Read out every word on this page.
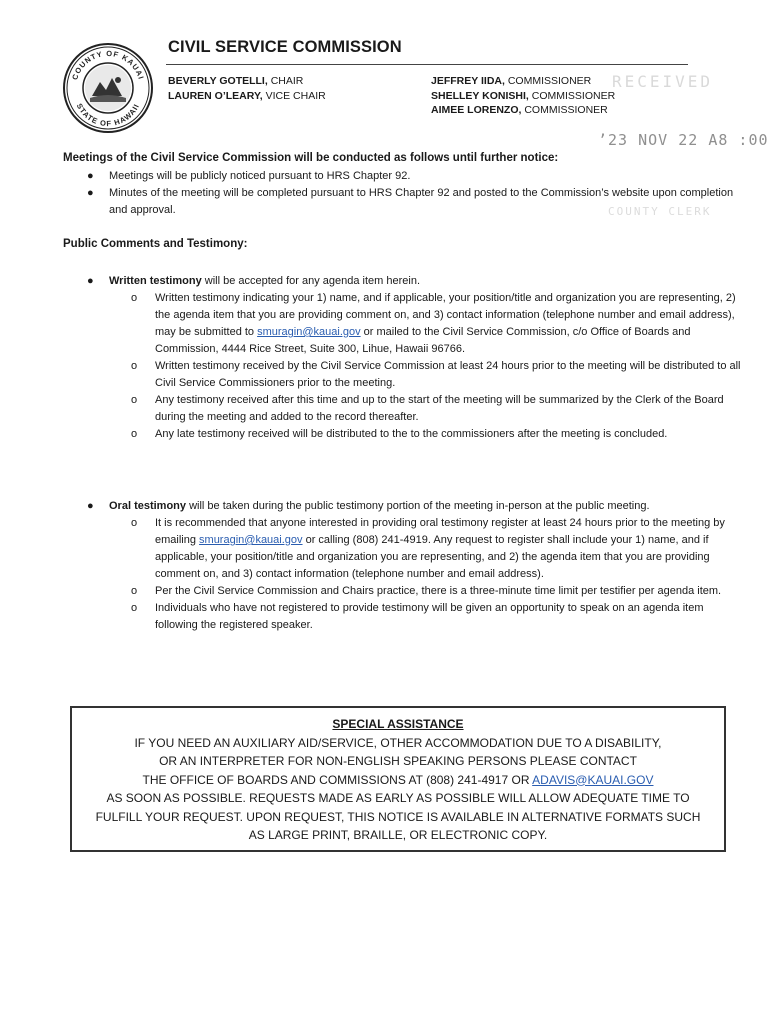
COUNTY OF KAUAI
STATE OF HAWAII
CIVIL SERVICE COMMISSION
BEVERLY GOTELLI, CHAIR
LAUREN O’LEARY, VICE CHAIR
JEFFREY IIDA, COMMISSIONER
SHELLEY KONISHI, COMMISSIONER
AIMEE LORENZO, COMMISSIONER
RECEIVED
’23 NOV 22 A8 :00
COUNTY CLERK
Meetings of the Civil Service Commission will be conducted as follows until further notice:
● Meetings will be publicly noticed pursuant to HRS Chapter 92.
● Minutes of the meeting will be completed pursuant to HRS Chapter 92 and posted to the Commission’s website upon completion and approval.
Public Comments and Testimony:
● Written testimony will be accepted for any agenda item herein.
o Written testimony indicating your 1) name, and if applicable, your position/title and organization you are representing, 2) the agenda item that you are providing comment on, and 3) contact information (telephone number and email address), may be submitted to smuragin@kauai.gov or mailed to the Civil Service Commission, c/o Office of Boards and Commission, 4444 Rice Street, Suite 300, Lihue, Hawaii 96766.
o Written testimony received by the Civil Service Commission at least 24 hours prior to the meeting will be distributed to all Civil Service Commissioners prior to the meeting.
o Any testimony received after this time and up to the start of the meeting will be summarized by the Clerk of the Board during the meeting and added to the record thereafter.
o Any late testimony received will be distributed to the to the commissioners after the meeting is concluded.
● Oral testimony will be taken during the public testimony portion of the meeting in-person at the public meeting.
o It is recommended that anyone interested in providing oral testimony register at least 24 hours prior to the meeting by emailing smuragin@kauai.gov or calling (808) 241-4919. Any request to register shall include your 1) name, and if applicable, your position/title and organization you are representing, and 2) the agenda item that you are providing comment on, and 3) contact information (telephone number and email address).
o Per the Civil Service Commission and Chairs practice, there is a three-minute time limit per testifier per agenda item.
o Individuals who have not registered to provide testimony will be given an opportunity to speak on an agenda item following the registered speaker.
SPECIAL ASSISTANCE
IF YOU NEED AN AUXILIARY AID/SERVICE, OTHER ACCOMMODATION DUE TO A DISABILITY,
OR AN INTERPRETER FOR NON-ENGLISH SPEAKING PERSONS PLEASE CONTACT
THE OFFICE OF BOARDS AND COMMISSIONS AT (808) 241-4917 OR ADAVIS@KAUAI.GOV
AS SOON AS POSSIBLE. REQUESTS MADE AS EARLY AS POSSIBLE WILL ALLOW ADEQUATE TIME TO
FULFILL YOUR REQUEST. UPON REQUEST, THIS NOTICE IS AVAILABLE IN ALTERNATIVE FORMATS SUCH
AS LARGE PRINT, BRAILLE, OR ELECTRONIC COPY.
